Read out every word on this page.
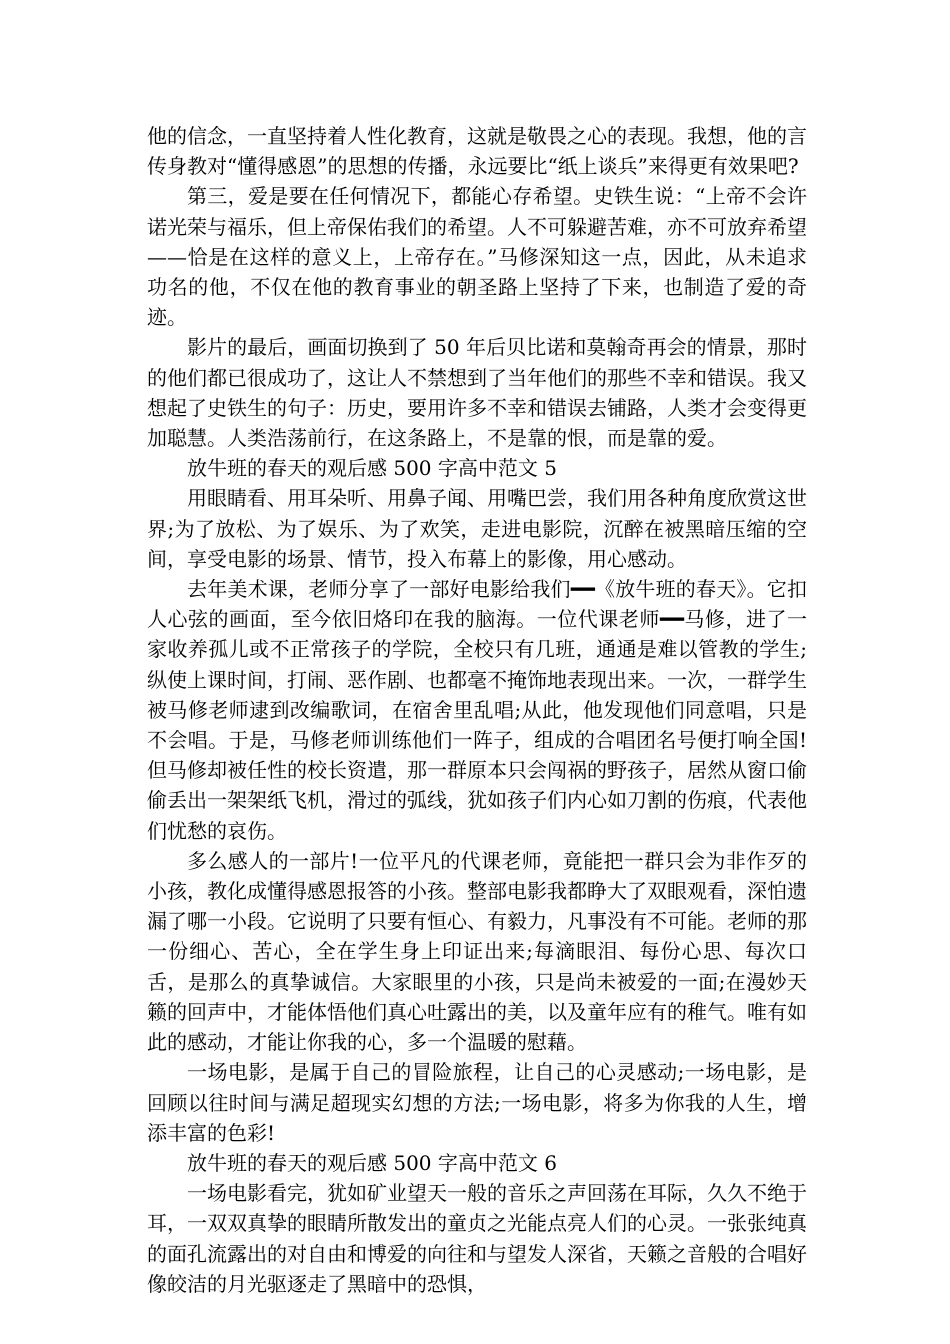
他的信念，一直坚持着人性化教育，这就是敬畏之心的表现。我想，他的言传身教对“懂得感恩”的思想的传播，永远要比“纸上谈兵”来得更有效果吧?

第三，爱是要在任何情况下，都能心存希望。史铁生说：“上帝不会许诺光荣与福乐，但上帝保佑我们的希望。人不可躲避苦难，亦不可放弃希望——恰是在这样的意义上，上帝存在。”马修深知这一点，因此，从未追求功名的他，不仅在他的教育事业的朝圣路上坚持了下来，也制造了爱的奇迹。

影片的最后，画面切换到了 50 年后贝比诺和莫翰奇再会的情景，那时的他们都已很成功了，这让人不禁想到了当年他们的那些不幸和错误。我又想起了史铁生的句子：历史，要用许多不幸和错误去铺路，人类才会变得更加聪慧。人类浩荡前行，在这条路上，不是靠的恨，而是靠的爱。

放牛班的春天的观后感 500 字高中范文 5

用眼睛看、用耳朵听、用鼻子闻、用嘴巴尝，我们用各种角度欣赏这世界;为了放松、为了娱乐、为了欢笑，走进电影院，沉醉在被黑暗压缩的空间，享受电影的场景、情节，投入布幕上的影像，用心感动。

去年美术课，老师分享了一部好电影给我们━━《放牛班的春天》。它扣人心弦的画面，至今依旧烙印在我的脑海。一位代课老师━━马修，进了一家收养孤儿或不正常孩子的学院，全校只有几班，通通是难以管教的学生;纵使上课时间，打闹、恶作剧、也都毫不掩饰地表现出来。一次，一群学生被马修老师逮到改编歌词，在宿舍里乱唱;从此，他发现他们同意唱，只是不会唱。于是，马修老师训练他们一阵子，组成的合唱团名号便打响全国!但马修却被任性的校长资遣，那一群原本只会闯祸的野孩子，居然从窗口偷偷丢出一架架纸飞机，滑过的弧线，犹如孩子们内心如刀割的伤痕，代表他们忧愁的哀伤。

多么感人的一部片!一位平凡的代课老师，竟能把一群只会为非作歹的小孩，教化成懂得感恩报答的小孩。整部电影我都睁大了双眼观看，深怕遗漏了哪一小段。它说明了只要有恒心、有毅力，凡事没有不可能。老师的那一份细心、苦心，全在学生身上印证出来;每滴眼泪、每份心思、每次口舌，是那么的真挚诚信。大家眼里的小孩，只是尚未被爱的一面;在漫妙天籁的回声中，才能体悟他们真心吐露出的美，以及童年应有的稚气。唯有如此的感动，才能让你我的心，多一个温暖的慰藉。

一场电影，是属于自己的冒险旅程，让自己的心灵感动;一场电影，是回顾以往时间与满足超现实幻想的方法;一场电影，将多为你我的人生，增添丰富的色彩!

放牛班的春天的观后感 500 字高中范文 6

一场电影看完，犹如矿业望天一般的音乐之声回荡在耳际，久久不绝于耳，一双双真挚的眼睛所散发出的童贞之光能点亮人们的心灵。一张张纯真的面孔流露出的对自由和博爱的向往和与望发人深省，天籁之音般的合唱好像皎洁的月光驱逐走了黑暗中的恐惧，
